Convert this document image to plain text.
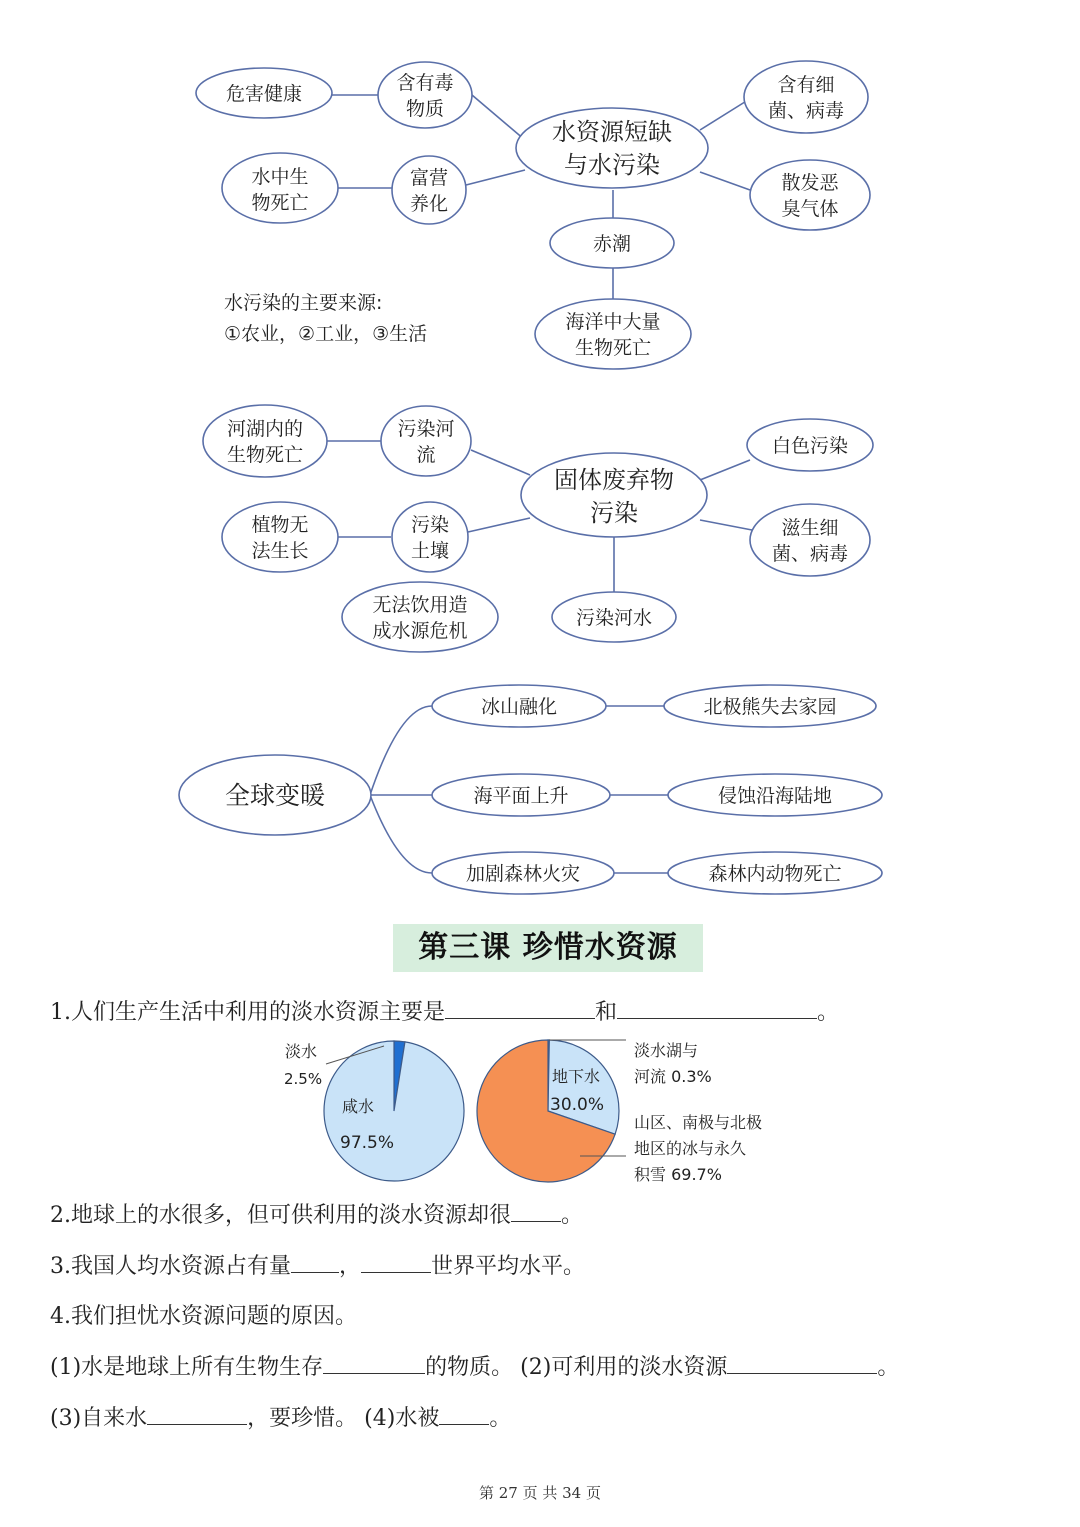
水资源短缺
与水污染
含有毒
物质
富营
养化
危害健康
水中生
物死亡
含有细
菌、病毒
散发恶
臭气体
赤潮
海洋中大量
生物死亡
水污染的主要来源:
①农业，②工业，③生活
固体废弃物
污染
污染河
流
污染
土壤
河湖内的
生物死亡
植物无
法生长
白色污染
滋生细
菌、病毒
污染河水
无法饮用造
成水源危机
全球变暖
冰山融化
海平面上升
加剧森林火灾
北极熊失去家园
侵蚀沿海陆地
森林内动物死亡
淡水
2.5%
咸水
97.5%
地下水
30.0%
淡水湖与
河流 0.3%
山区、南极与北极
地区的冰与永久
积雪 69.7%
第三课 珍惜水资源
1.人们生产生活中利用的淡水资源主要是	和	。
2.地球上的水很多，但可供利用的淡水资源却很 。
3.我国人均水资源占有量 ，	世界平均水平。
4.我们担忧水资源问题的原因。
(1)水是地球上所有生物生存	的物质。 (2)可利用的淡水资源	。
(3)自来水	，要珍惜。 (4)水被 。
第 27 页 共 34 页
